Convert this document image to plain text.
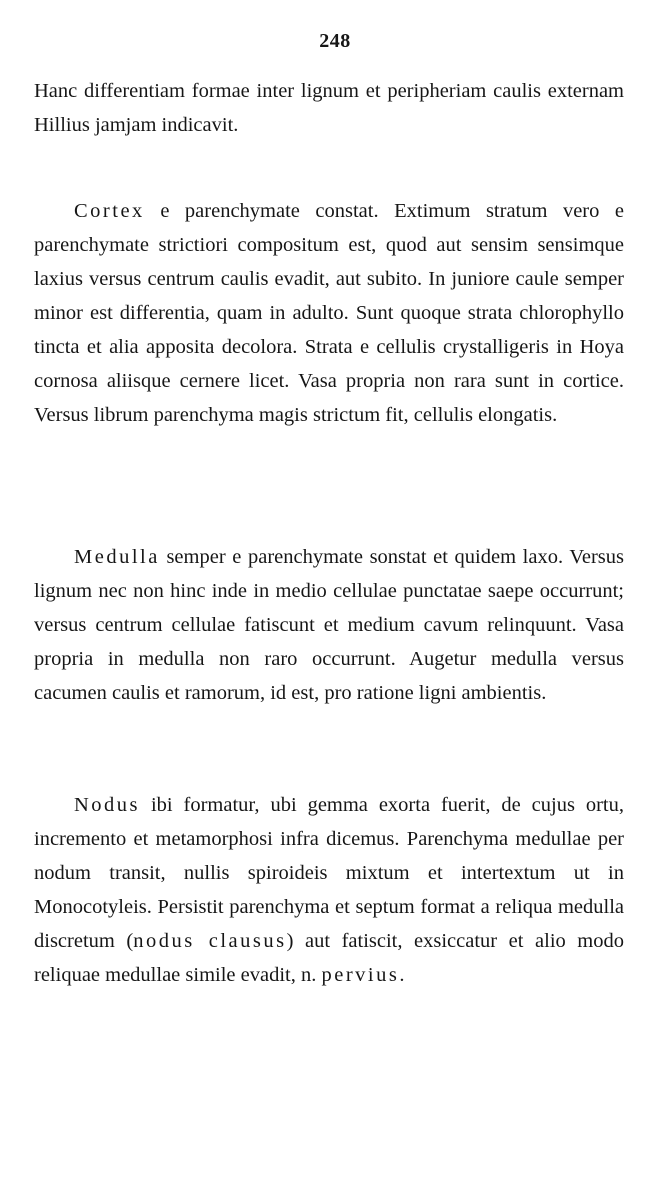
248
Hanc differentiam formae inter lignum et peripheriam caulis externam Hillius jamjam indicavit.
Cortex e parenchymate constat. Extimum stratum vero e parenchymate strictiori compositum est, quod aut sensim sensimque laxius versus centrum caulis evadit, aut subito. In juniore caule semper minor est differentia, quam in adulto. Sunt quoque strata chlorophyllo tincta et alia apposita decolora. Strata e cellulis crystalligeris in Hoya cornosa aliisque cernere licet. Vasa propria non rara sunt in cortice. Versus librum parenchyma magis strictum fit, cellulis elongatis.
Medulla semper e parenchymate sonstat et quidem laxo. Versus lignum nec non hinc inde in medio cellulae punctatae saepe occurrunt; versus centrum cellulae fatiscunt et medium cavum relinquunt. Vasa propria in medulla non raro occurrunt. Augetur medulla versus cacumen caulis et ramorum, id est, pro ratione ligni ambientis.
Nodus ibi formatur, ubi gemma exorta fuerit, de cujus ortu, incremento et metamorphosi infra dicemus. Parenchyma medullae per nodum transit, nullis spiroideis mixtum et intertextum ut in Monocotyleis. Persistit parenchyma et septum format a reliqua medulla discretum (nodus clausus) aut fatiscit, exsiccatur et alio modo reliquae medullae simile evadit, n. pervius.
